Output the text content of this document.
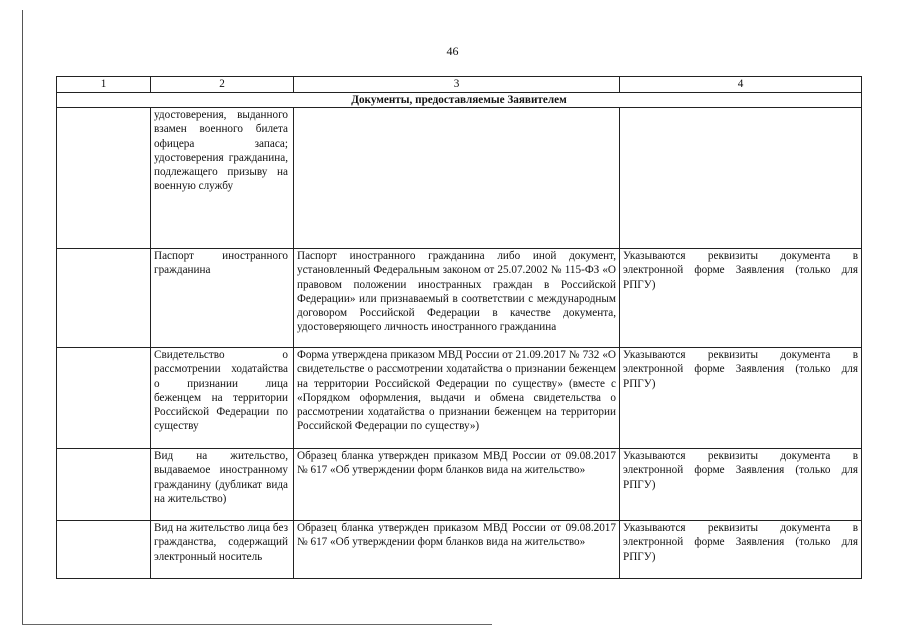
46
1	2	3	4
Документы, предоставляемые Заявителем			

	удостоверения, выданного взамен военного билета офицера запаса; удостоверения гражданина, подлежащего призыву на военную службу		

	Паспорт иностранного гражданина	Паспорт иностранного гражданина либо иной документ, установленный Федеральным законом от 25.07.2002 № 115-ФЗ «О правовом положении иностранных граждан в Российской Федерации» или признаваемый в соответствии с международным договором Российской Федерации в качестве документа, удостоверяющего личность иностранного гражданина	Указываются реквизиты документа в электронной форме Заявления (только для РПГУ)

	Свидетельство о рассмотрении ходатайства о признании лица беженцем на территории Российской Федерации по существу	Форма утверждена приказом МВД России от 21.09.2017 № 732 «О свидетельстве о рассмотрении ходатайства о признании беженцем на территории Российской Федерации по существу» (вместе с «Порядком оформления, выдачи и обмена свидетельства о рассмотрении ходатайства о признании беженцем на территории Российской Федерации по существу»)	Указываются реквизиты документа в электронной форме Заявления (только для РПГУ)

	Вид на жительство, выдаваемое иностранному гражданину (дубликат вида на жительство)	Образец бланка утвержден приказом МВД России от 09.08.2017 № 617 «Об утверждении форм бланков вида на жительство»	Указываются реквизиты документа в электронной форме Заявления (только для РПГУ)

	Вид на жительство лица без гражданства, содержащий электронный носитель	Образец бланка утвержден приказом МВД России от 09.08.2017 № 617 «Об утверждении форм бланков вида на жительство»	Указываются реквизиты документа в электронной форме Заявления (только для РПГУ)
